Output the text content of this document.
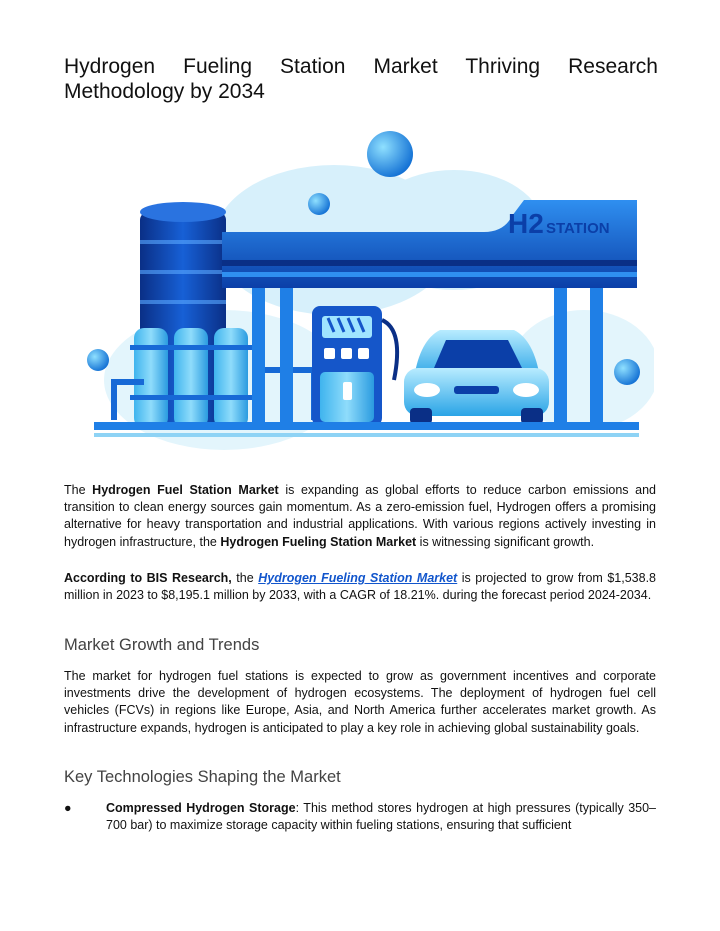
Hydrogen Fueling Station Market Thriving Research Methodology by 2034
H2 STATION

The Hydrogen Fuel Station Market is expanding as global efforts to reduce carbon emissions and transition to clean energy sources gain momentum. As a zero-emission fuel, Hydrogen offers a promising alternative for heavy transportation and industrial applications. With various regions actively investing in hydrogen infrastructure, the Hydrogen Fueling Station Market is witnessing significant growth.

According to BIS Research, the Hydrogen Fueling Station Market is projected to grow from $1,538.8 million in 2023 to $8,195.1 million by 2033, with a CAGR of 18.21%. during the forecast period 2024-2034.

Market Growth and Trends

The market for hydrogen fuel stations is expected to grow as government incentives and corporate investments drive the development of hydrogen ecosystems. The deployment of hydrogen fuel cell vehicles (FCVs) in regions like Europe, Asia, and North America further accelerates market growth. As infrastructure expands, hydrogen is anticipated to play a key role in achieving global sustainability goals.

Key Technologies Shaping the Market
●	Compressed Hydrogen Storage: This method stores hydrogen at high pressures (typically 350–700 bar) to maximize storage capacity within fueling stations, ensuring that sufficient
